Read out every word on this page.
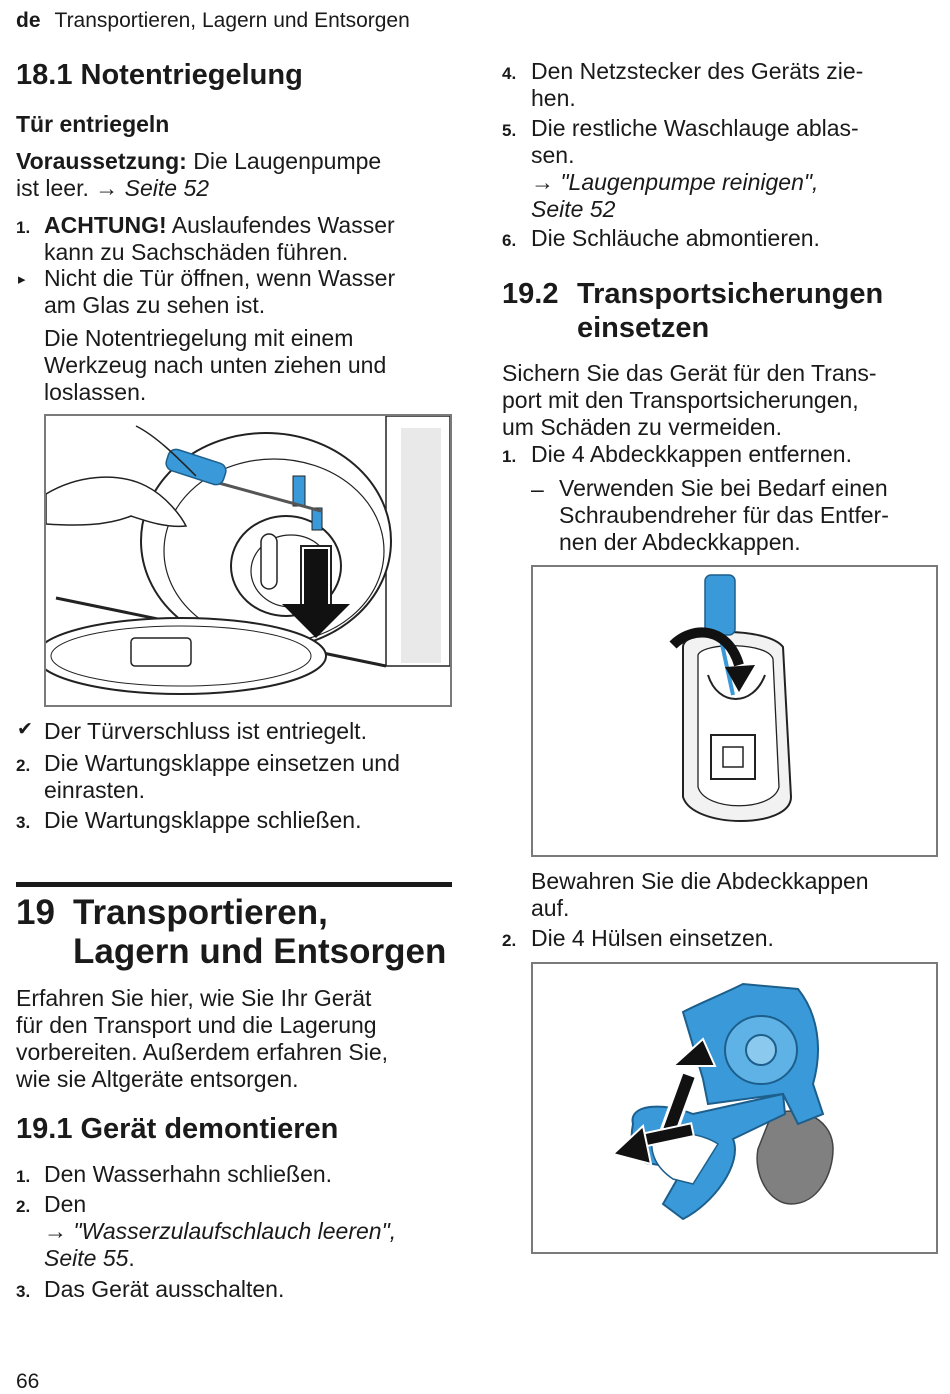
de Transportieren, Lagern und Entsorgen
18.1 Notentriegelung
Tür entriegeln
Voraussetzung: Die Laugenpumpe
ist leer. → Seite 52
1. ACHTUNG! Auslaufendes Wasser
kann zu Sachschäden führen.
▸ Nicht die Tür öffnen, wenn Wasser
am Glas zu sehen ist.
Die Notentriegelung mit einem
Werkzeug nach unten ziehen und
loslassen.
✔ Der Türverschluss ist entriegelt.
2. Die Wartungsklappe einsetzen und
einrasten.
3. Die Wartungsklappe schließen.
19 Transportieren,
Lagern und Entsorgen
Erfahren Sie hier, wie Sie Ihr Gerät
für den Transport und die Lagerung
vorbereiten. Außerdem erfahren Sie,
wie sie Altgeräte entsorgen.
19.1 Gerät demontieren
1. Den Wasserhahn schließen.
2. Den
→ "Wasserzulaufschlauch leeren",
Seite 55.
3. Das Gerät ausschalten.
66
4. Den Netzstecker des Geräts zie-
hen.
5. Die restliche Waschlauge ablas-
sen.
→ "Laugenpumpe reinigen",
Seite 52
6. Die Schläuche abmontieren.
19.2 Transportsicherungen
einsetzen
Sichern Sie das Gerät für den Trans-
port mit den Transportsicherungen,
um Schäden zu vermeiden.
1. Die 4 Abdeckkappen entfernen.
– Verwenden Sie bei Bedarf einen
Schraubendreher für das Entfer-
nen der Abdeckkappen.
Bewahren Sie die Abdeckkappen
auf.
2. Die 4 Hülsen einsetzen.
